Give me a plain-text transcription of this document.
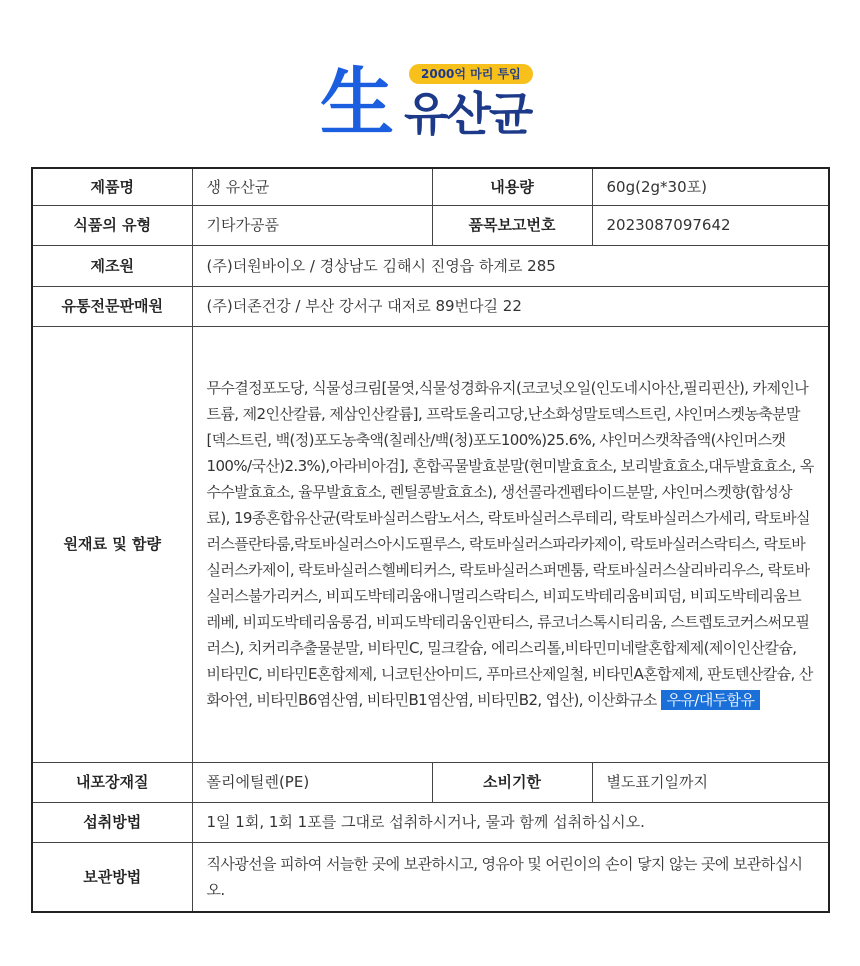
生	2000억 마리 투입
유산균
제품명	생 유산균	내용량	60g(2g*30포)
식품의 유형	기타가공품	품목보고번호	2023087097642
제조원	(주)더원바이오 / 경상남도 김해시 진영읍 하계로 285		
유통전문판매원	(주)더존건강 / 부산 강서구 대저로 89번다길 22		
원재료 및 함량	무수결정포도당, 식물성크림[물엿,식물성경화유지(코코넛오일(인도네시아산,필리핀산), 카제인나트륨, 제2인산칼륨, 제삼인산칼륨], 프락토올리고당,난소화성말토덱스트린, 샤인머스켓농축분말[덱스트린, 백(정)포도농축액(칠레산/백(청)포도100%)25.6%, 샤인머스캣착즙액(샤인머스캣100%/국산)2.3%),아라비아검], 혼합곡물발효분말(현미발효효소, 보리발효효소,대두발효효소, 옥수수발효효소, 율무발효효소, 렌틸콩발효효소), 생선콜라겐펩타이드분말, 샤인머스켓향(합성상료), 19종혼합유산균(락토바실러스람노서스, 락토바실러스루테리, 락토바실러스가세리, 락토바실러스플란타룸,락토바실러스아시도필루스, 락토바실러스파라카제이, 락토바실러스락티스, 락토바실러스카제이, 락토바실러스헬베티커스, 락토바실러스퍼멘툼, 락토바실러스살리바리우스, 락토바실러스불가리커스, 비피도박테리움애니멀리스락티스, 비피도박테리움비피덤, 비피도박테리움브레베, 비피도박테리움롱검, 비피도박테리움인판티스, 류코너스톡시티리움, 스트렙토코커스써모필러스), 치커리추출물분말, 비타민C, 밀크칼슘, 에리스리톨,비타민미네랄혼합제제(제이인산칼슘, 비타민C, 비타민E혼합제제, 니코틴산아미드, 푸마르산제일철, 비타민A혼합제제, 판토텐산칼슘, 산화아연, 비타민B6염산염, 비타민B1염산염, 비타민B2, 엽산), 이산화규소 우유/대두함유		
내포장재질	폴리에틸렌(PE)	소비기한	별도표기일까지
섭취방법	1일 1회, 1회 1포를 그대로 섭취하시거나, 물과 함께 섭취하십시오.		
보관방법	직사광선을 피하여 서늘한 곳에 보관하시고, 영유아 및 어린이의 손이 닿지 않는 곳에 보관하십시오.		
